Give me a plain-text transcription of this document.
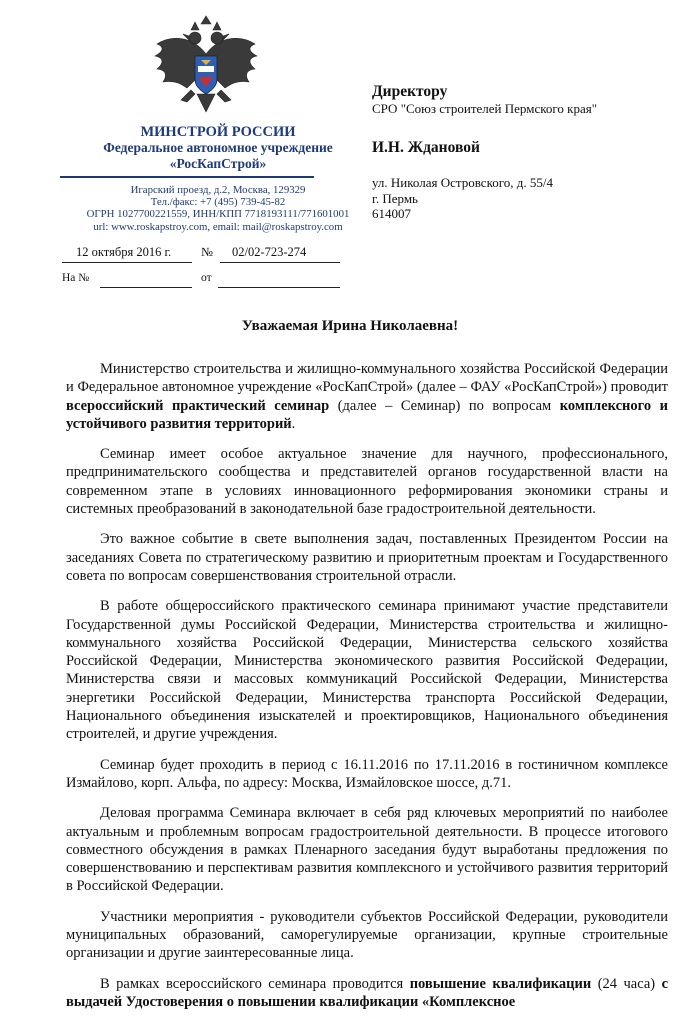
МИНСТРОЙ РОССИИ
Федеральное автономное учреждение
«РосКапСтрой»
Игарский проезд, д.2, Москва, 129329
Тел./факс: +7 (495) 739-45-82
ОГРН 1027700221559, ИНН/КПП 7718193111/771601001
url: www.roskapstroy.com, email: mail@roskapstroy.com
12 октября 2016 г. № 02/02-723-274
На №	от
Директору
СРО "Союз строителей Пермского края"
И.Н. Ждановой
ул. Николая Островского, д. 55/4
г. Пермь
614007
Уважаемая Ирина Николаевна!

Министерство строительства и жилищно-коммунального хозяйства Российской Федерации и Федеральное автономное учреждение «РосКапСтрой» (далее – ФАУ «РосКапСтрой») проводит всероссийский практический семинар (далее – Семинар) по вопросам комплексного и устойчивого развития территорий.

Семинар имеет особое актуальное значение для научного, профессионального, предпринимательского сообщества и представителей органов государственной власти на современном этапе в условиях инновационного реформирования экономики страны и системных преобразований в законодательной базе градостроительной деятельности.

Это важное событие в свете выполнения задач, поставленных Президентом России на заседаниях Совета по стратегическому развитию и приоритетным проектам и Государственного совета по вопросам совершенствования строительной отрасли.

В работе общероссийского практического семинара принимают участие представители Государственной думы Российской Федерации, Министерства строительства и жилищно-коммунального хозяйства Российской Федерации, Министерства сельского хозяйства Российской Федерации, Министерства экономического развития Российской Федерации, Министерства связи и массовых коммуникаций Российской Федерации, Министерства энергетики Российской Федерации, Министерства транспорта Российской Федерации, Национального объединения изыскателей и проектировщиков, Национального объединения строителей, и другие учреждения.

Семинар будет проходить в период с 16.11.2016 по 17.11.2016 в гостиничном комплексе Измайлово, корп. Альфа, по адресу: Москва, Измайловское шоссе, д.71.

Деловая программа Семинара включает в себя ряд ключевых мероприятий по наиболее актуальным и проблемным вопросам градостроительной деятельности. В процессе итогового совместного обсуждения в рамках Пленарного заседания будут выработаны предложения по совершенствованию и перспективам развития комплексного и устойчивого развития территорий в Российской Федерации.

Участники мероприятия - руководители субъектов Российской Федерации, руководители муниципальных образований, саморегулируемые организации, крупные строительные организации и другие заинтересованные лица.

В рамках всероссийского семинара проводится повышение квалификации (24 часа) с выдачей Удостоверения о повышении квалификации «Комплексное
